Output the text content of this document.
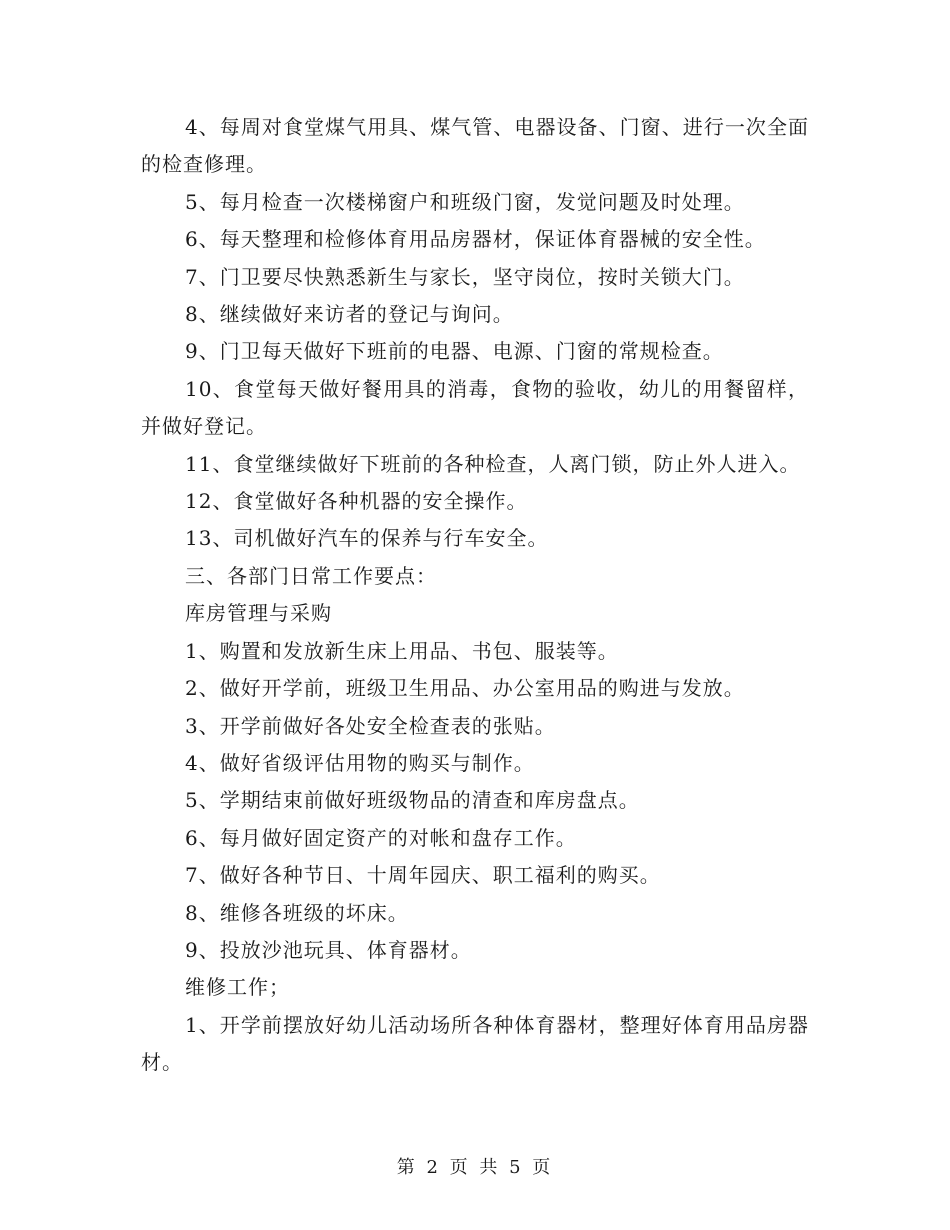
4、每周对食堂煤气用具、煤气管、电器设备、门窗、进行一次全面的检查修理。

5、每月检查一次楼梯窗户和班级门窗，发觉问题及时处理。

6、每天整理和检修体育用品房器材，保证体育器械的安全性。

7、门卫要尽快熟悉新生与家长，坚守岗位，按时关锁大门。

8、继续做好来访者的登记与询问。

9、门卫每天做好下班前的电器、电源、门窗的常规检查。

10、食堂每天做好餐用具的消毒，食物的验收，幼儿的用餐留样，并做好登记。

11、食堂继续做好下班前的各种检查，人离门锁，防止外人进入。

12、食堂做好各种机器的安全操作。

13、司机做好汽车的保养与行车安全。

三、各部门日常工作要点：

库房管理与采购

1、购置和发放新生床上用品、书包、服装等。

2、做好开学前，班级卫生用品、办公室用品的购进与发放。

3、开学前做好各处安全检查表的张贴。

4、做好省级评估用物的购买与制作。

5、学期结束前做好班级物品的清查和库房盘点。

6、每月做好固定资产的对帐和盘存工作。

7、做好各种节日、十周年园庆、职工福利的购买。

8、维修各班级的坏床。

9、投放沙池玩具、体育器材。

维修工作；

1、开学前摆放好幼儿活动场所各种体育器材，整理好体育用品房器材。

第 2 页 共 5 页
